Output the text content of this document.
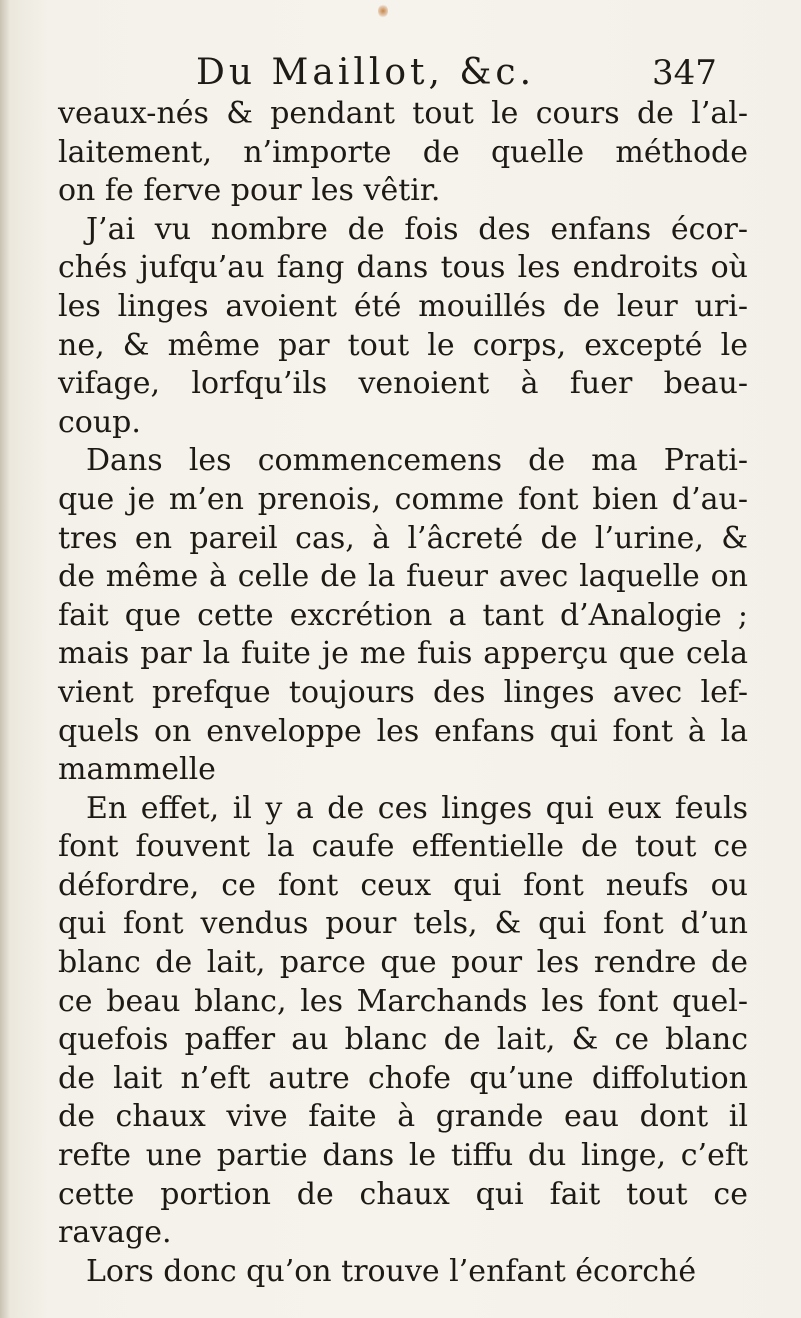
Du Maillot, &c.	347
veaux-nés & pendant tout le cours de l’al-
laitement, n’importe de quelle méthode
on fe ferve pour les vêtir.
J’ai vu nombre de fois des enfans écor-
chés jufqu’au fang dans tous les endroits où
les linges avoient été mouillés de leur uri-
ne, & même par tout le corps, excepté le
vifage, lorfqu’ils venoient à fuer beau-
coup.
Dans les commencemens de ma Prati-
que je m’en prenois, comme font bien d’au-
tres en pareil cas, à l’âcreté de l’urine, &
de même à celle de la fueur avec laquelle on
fait que cette excrétion a tant d’Analogie ;
mais par la fuite je me fuis apperçu que cela
vient prefque toujours des linges avec lef-
quels on enveloppe les enfans qui font à la
mammelle
En effet, il y a de ces linges qui eux feuls
font fouvent la caufe effentielle de tout ce
défordre, ce font ceux qui font neufs ou
qui font vendus pour tels, & qui font d’un
blanc de lait, parce que pour les rendre de
ce beau blanc, les Marchands les font quel-
quefois paffer au blanc de lait, & ce blanc
de lait n’eft autre chofe qu’une diffolution
de chaux vive faite à grande eau dont il
refte une partie dans le tiffu du linge, c’eft
cette portion de chaux qui fait tout ce
ravage.
Lors donc qu’on trouve l’enfant écorché
